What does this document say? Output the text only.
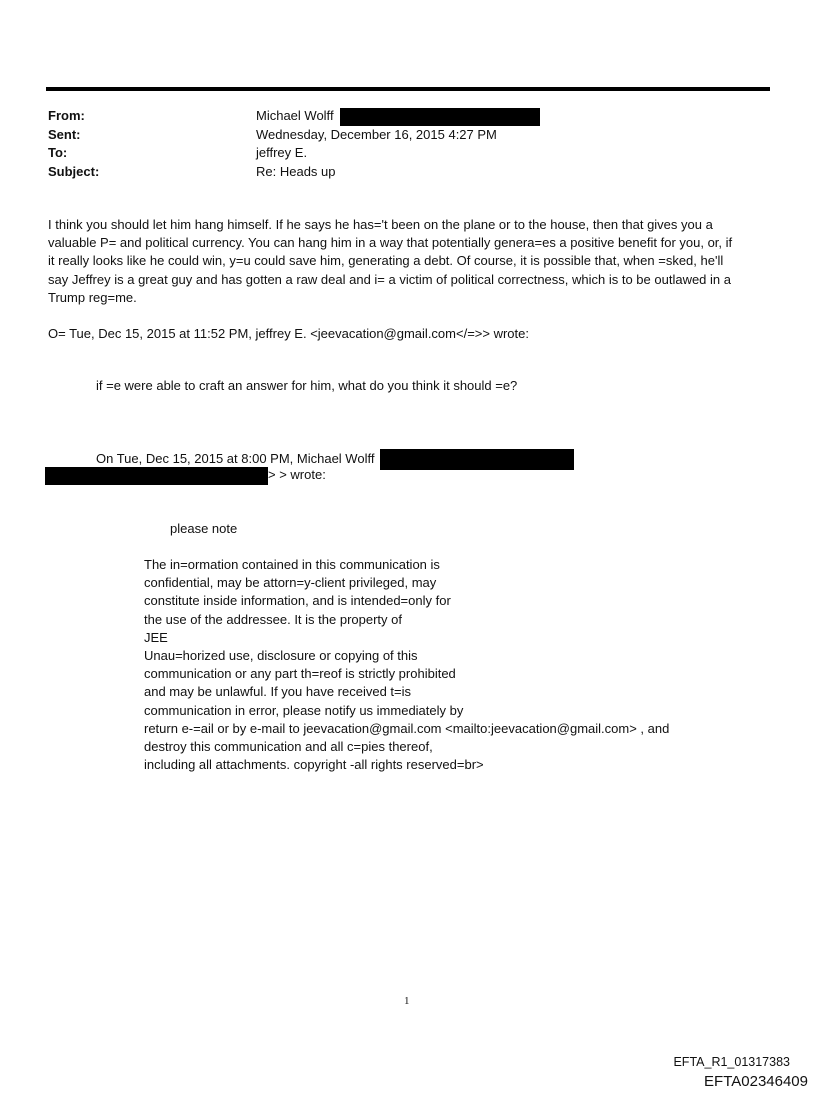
From:	Michael Wolff
Sent:	Wednesday, December 16, 2015 4:27 PM
To:	jeffrey E.
Subject:	Re: Heads up
I think you should let him hang himself. If he says he has='t been on the plane or to the house, then that gives you a
valuable P= and political currency. You can hang him in a way that potentially genera=es a positive benefit for you, or, if
it really looks like he could win, y=u could save him, generating a debt. Of course, it is possible that, when =sked, he'll
say Jeffrey is a great guy and has gotten a raw deal and i= a victim of political correctness, which is to be outlawed in a
Trump reg=me.
O= Tue, Dec 15, 2015 at 11:52 PM, jeffrey E. <jeevacation@gmail.com</=>> wrote:
if =e were able to craft an answer for him, what do you think it should =e?
On Tue, Dec 15, 2015 at 8:00 PM, Michael Wolff
> > wrote:
please note
The in=ormation contained in this communication is
confidential, may be attorn=y-client privileged, may
constitute inside information, and is intended=only for
the use of the addressee. It is the property of
JEE
Unau=horized use, disclosure or copying of this
communication or any part th=reof is strictly prohibited
and may be unlawful. If you have received t=is
communication in error, please notify us immediately by
return e-=ail or by e-mail to jeevacation@gmail.com <mailto:jeevacation@gmail.com> , and
destroy this communication and all c=pies thereof,
including all attachments. copyright -all rights reserved=br>
1
EFTA_R1_01317383
EFTA02346409
